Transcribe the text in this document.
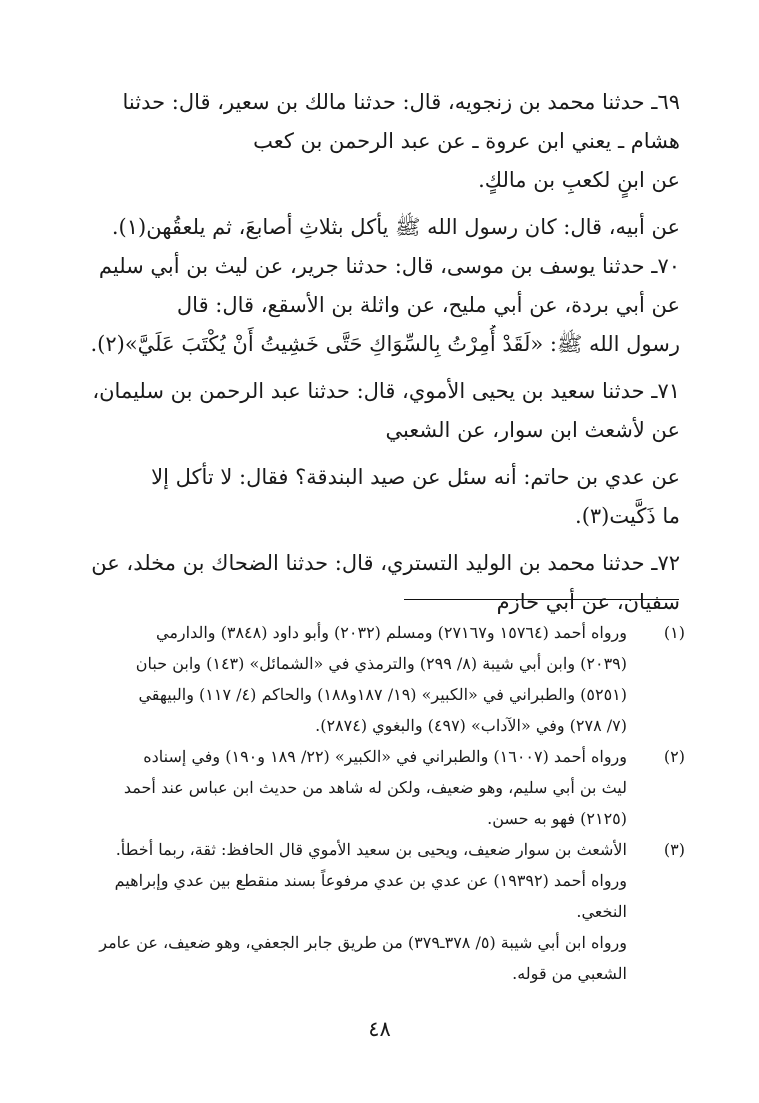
٦٩ـ حدثنا محمد بن زنجويه، قال: حدثنا مالك بن سعير، قال: حدثنا
هشام ـ يعني ابن عروة ـ عن عبد الرحمن بن كعب
عن ابنٍ لكعبِ بن مالكٍ.
عن أبيه، قال: كان رسول الله ﷺ يأكل بثلاثِ أصابعَ، ثم يلعقُهن(١).
٧٠ـ حدثنا يوسف بن موسى، قال: حدثنا جرير، عن ليث بن أبي سليم
عن أبي بردة، عن أبي مليح، عن واثلة بن الأسقع، قال: قال
رسول الله ﷺ: «لَقَدْ أُمِرْتُ بِالسِّوَاكِ حَتَّى خَشِيتُ أَنْ يُكْتَبَ عَلَيَّ»(٢).
٧١ـ حدثنا سعيد بن يحيى الأموي، قال: حدثنا عبد الرحمن بن سليمان،
عن لأشعث ابن سوار، عن الشعبي
عن عدي بن حاتم: أنه سئل عن صيد البندقة؟ فقال: لا تأكل إلا
ما ذَكَّيت(٣).
٧٢ـ حدثنا محمد بن الوليد التستري، قال: حدثنا الضحاك بن مخلد، عن
سفيان، عن أبي حازم
(١)
ورواه أحمد (١٥٧٦٤ و٢٧١٦٧) ومسلم (٢٠٣٢) وأبو داود (٣٨٤٨) والدارمي
(٢٠٣٩) وابن أبي شيبة (٨/ ٢٩٩) والترمذي في «الشمائل» (١٤٣) وابن حبان
(٥٢٥١) والطبراني في «الكبير» (١٩/ ١٨٧و١٨٨) والحاكم (٤/ ١١٧) والبيهقي
(٧/ ٢٧٨) وفي «الآداب» (٤٩٧) والبغوي (٢٨٧٤).
(٢)
ورواه أحمد (١٦٠٠٧) والطبراني في «الكبير» (٢٢/ ١٨٩ و١٩٠) وفي إسناده
ليث بن أبي سليم، وهو ضعيف، ولكن له شاهد من حديث ابن عباس عند أحمد
(٢١٢٥) فهو به حسن.
(٣)
الأشعث بن سوار ضعيف، ويحيى بن سعيد الأموي قال الحافظ: ثقة، ربما أخطأ.
ورواه أحمد (١٩٣٩٢) عن عدي بن عدي مرفوعاً بسند منقطع بين عدي وإبراهيم
النخعي.
ورواه ابن أبي شيبة (٥/ ٣٧٨ـ٣٧٩) من طريق جابر الجعفي، وهو ضعيف، عن عامر
الشعبي من قوله.
٤٨
